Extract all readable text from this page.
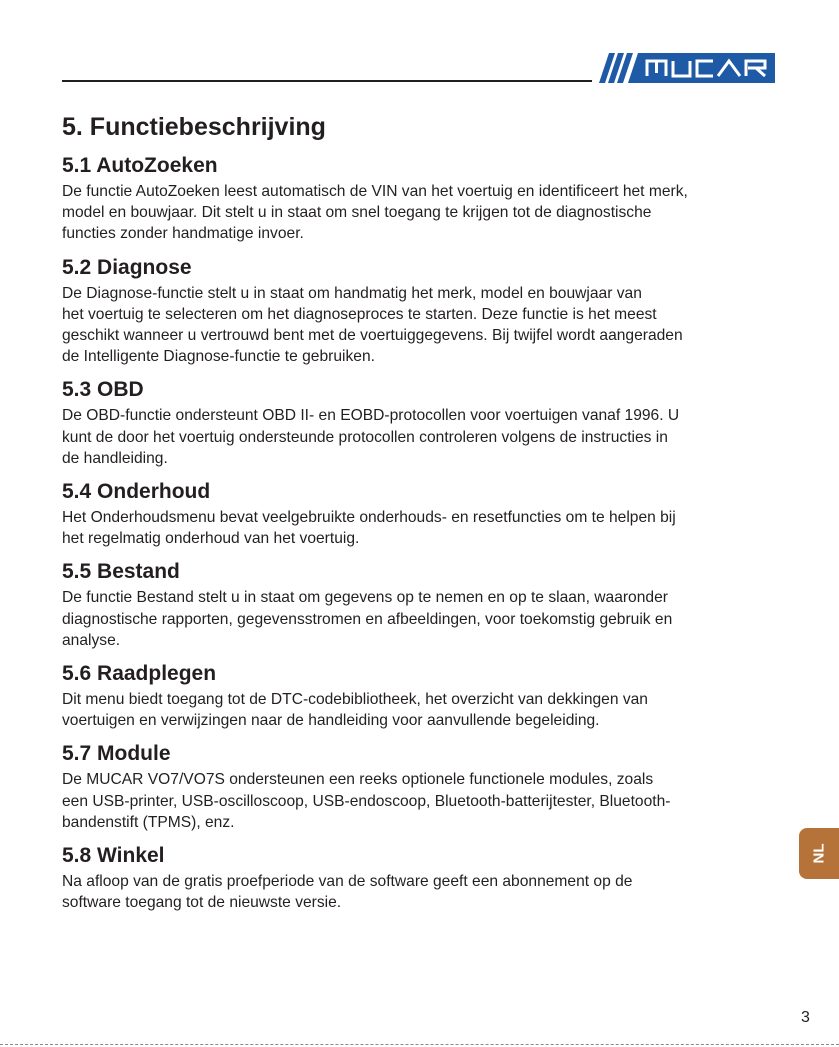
5. Functiebeschrijving
5.1 AutoZoeken

De functie AutoZoeken leest automatisch de VIN van het voertuig en identificeert het merk,
model en bouwjaar. Dit stelt u in staat om snel toegang te krijgen tot de diagnostische
functies zonder handmatige invoer.

5.2 Diagnose

De Diagnose-functie stelt u in staat om handmatig het merk, model en bouwjaar van
het voertuig te selecteren om het diagnoseproces te starten. Deze functie is het meest
geschikt wanneer u vertrouwd bent met de voertuiggegevens. Bij twijfel wordt aangeraden
de Intelligente Diagnose-functie te gebruiken.

5.3 OBD

De OBD-functie ondersteunt OBD II- en EOBD-protocollen voor voertuigen vanaf 1996. U
kunt de door het voertuig ondersteunde protocollen controleren volgens de instructies in
de handleiding.

5.4 Onderhoud

Het Onderhoudsmenu bevat veelgebruikte onderhouds- en resetfuncties om te helpen bij
het regelmatig onderhoud van het voertuig.

5.5 Bestand

De functie Bestand stelt u in staat om gegevens op te nemen en op te slaan, waaronder
diagnostische rapporten, gegevensstromen en afbeeldingen, voor toekomstig gebruik en
analyse.

5.6 Raadplegen

Dit menu biedt toegang tot de DTC-codebibliotheek, het overzicht van dekkingen van
voertuigen en verwijzingen naar de handleiding voor aanvullende begeleiding.

5.7 Module

De MUCAR VO7/VO7S ondersteunen een reeks optionele functionele modules, zoals
een USB-printer, USB-oscilloscoop, USB-endoscoop, Bluetooth-batterijtester, Bluetooth-
bandenstift (TPMS), enz.

5.8 Winkel

Na afloop van de gratis proefperiode van de software geeft een abonnement op de
software toegang tot de nieuwste versie.

NL
3
